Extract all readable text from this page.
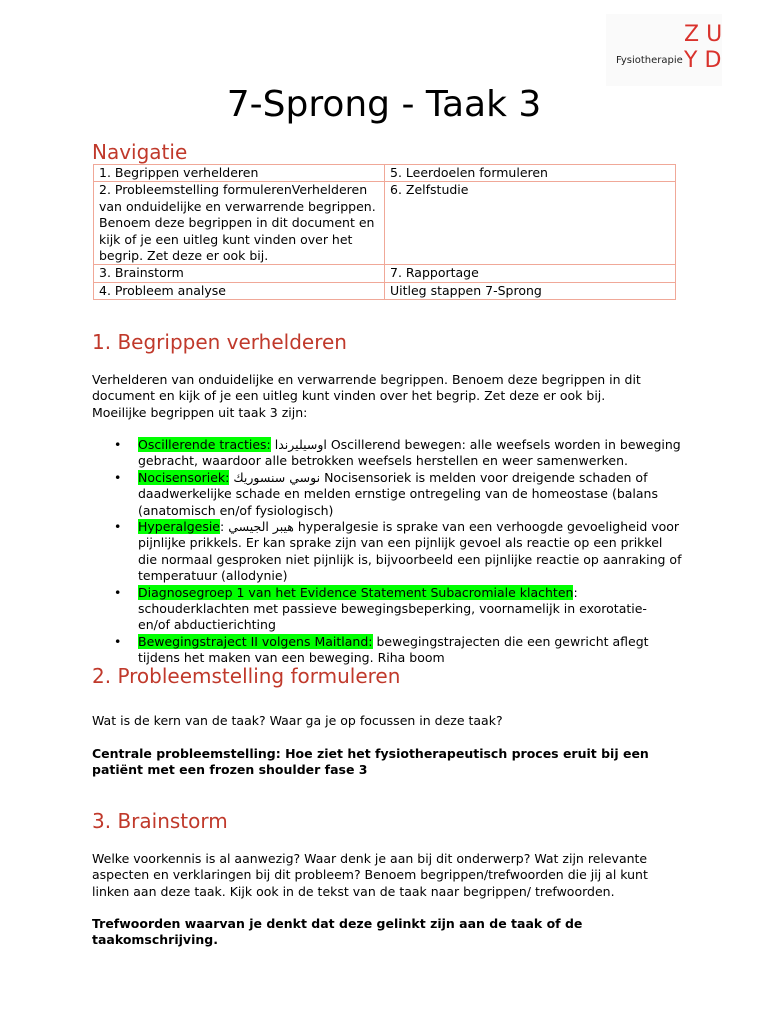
Fysiotherapie
ZU
YD
7-Sprong - Taak 3
Navigatie
1. Begrippen verhelderen	5. Leerdoelen formuleren
2. Probleemstelling formulerenVerhelderen van onduidelijke en verwarrende begrippen. Benoem deze begrippen in dit document en kijk of je een uitleg kunt vinden over het begrip. Zet deze er ook bij.	6. Zelfstudie
3. Brainstorm	7. Rapportage
4. Probleem analyse	Uitleg stappen 7-Sprong
1. Begrippen verhelderen
Verhelderen van onduidelijke en verwarrende begrippen. Benoem deze begrippen in dit document en kijk of je een uitleg kunt vinden over het begrip. Zet deze er ook bij.
Moeilijke begrippen uit taak 3 zijn:
• Oscillerende tracties: اوسيليرندا Oscillerend bewegen: alle weefsels worden in beweging gebracht, waardoor alle betrokken weefsels herstellen en weer samenwerken.
• Nocisensoriek: نوسي سنسوريك Nocisensoriek is melden voor dreigende schaden of daadwerkelijke schade en melden ernstige ontregeling van de homeostase (balans (anatomisch en/of fysiologisch)
• Hyperalgesie: هيبر الجيسي hyperalgesie is sprake van een verhoogde gevoeligheid voor pijnlijke prikkels. Er kan sprake zijn van een pijnlijk gevoel als reactie op een prikkel die normaal gesproken niet pijnlijk is, bijvoorbeeld een pijnlijke reactie op aanraking of temperatuur (allodynie)
• Diagnosegroep 1 van het Evidence Statement Subacromiale klachten: schouderklachten met passieve bewegingsbeperking, voornamelijk in exorotatie- en/of abductierichting
• Bewegingstraject II volgens Maitland: bewegingstrajecten die een gewricht aflegt tijdens het maken van een beweging. Riha boom
2. Probleemstelling formuleren
Wat is de kern van de taak? Waar ga je op focussen in deze taak?
Centrale probleemstelling: Hoe ziet het fysiotherapeutisch proces eruit bij een patiënt met een frozen shoulder fase 3
3. Brainstorm
Welke voorkennis is al aanwezig? Waar denk je aan bij dit onderwerp? Wat zijn relevante aspecten en verklaringen bij dit probleem? Benoem begrippen/trefwoorden die jij al kunt linken aan deze taak. Kijk ook in de tekst van de taak naar begrippen/ trefwoorden.
Trefwoorden waarvan je denkt dat deze gelinkt zijn aan de taak of de taakomschrijving.
